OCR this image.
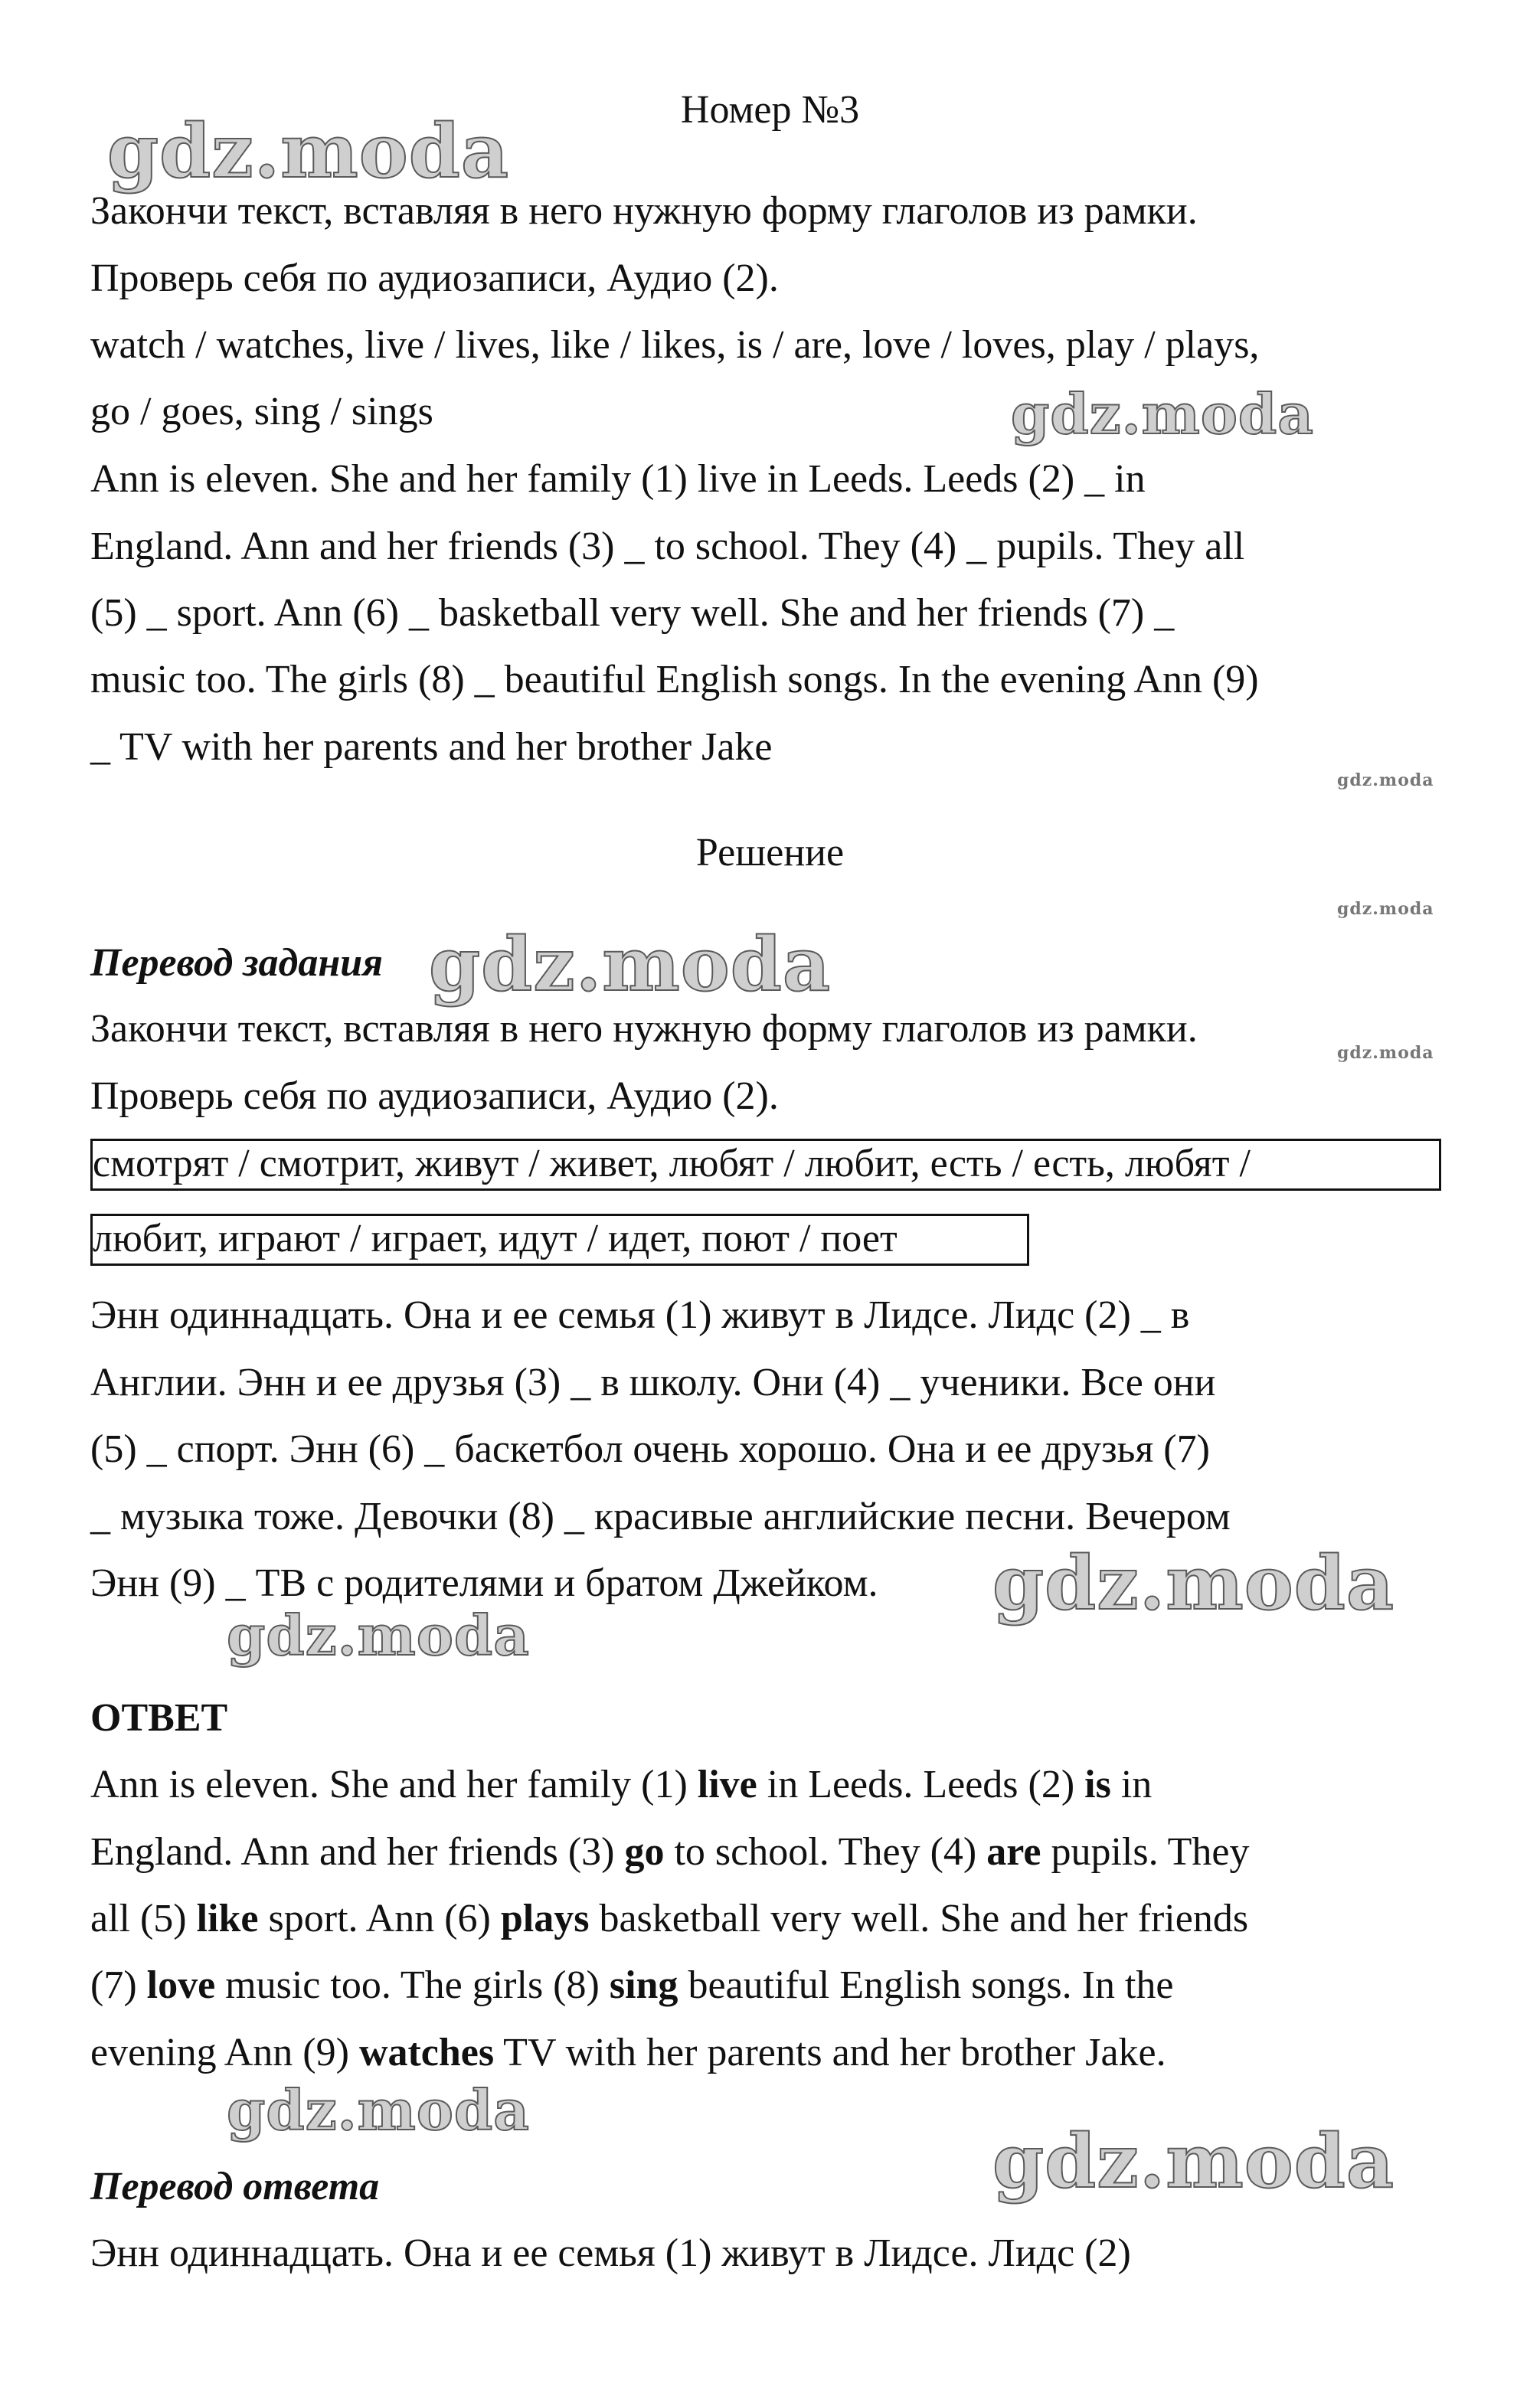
Номер №3
Закончи текст, вставляя в него нужную форму глаголов из рамки.
Проверь себя по аудиозаписи, Аудио (2).
watch / watches, live / lives, like / likes, is / are, love / loves, play / plays,
go / goes, sing / sings
Ann is eleven. She and her family (1) live in Leeds. Leeds (2) _ in
England. Ann and her friends (3) _ to school. They (4) _ pupils. They all
(5) _ sport. Ann (6) _ basketball very well. She and her friends (7) _
music too. The girls (8) _ beautiful English songs. In the evening Ann (9)
_ TV with her parents and her brother Jake
Решение
Перевод задания
Закончи текст, вставляя в него нужную форму глаголов из рамки.
Проверь себя по аудиозаписи, Аудио (2).
смотрят / смотрит, живут / живет, любят / любит, есть / есть, любят /
любит, играют / играет, идут / идет, поют / поет
Энн одиннадцать. Она и ее семья (1) живут в Лидсе. Лидс (2) _ в
Англии. Энн и ее друзья (3) _ в школу. Они (4) _ ученики. Все они
(5) _ спорт. Энн (6) _ баскетбол очень хорошо. Она и ее друзья (7)
_ музыка тоже. Девочки (8) _ красивые английские песни. Вечером
Энн (9) _ ТВ с родителями и братом Джейком.
ОТВЕТ
Ann is eleven. She and her family (1) live in Leeds. Leeds (2) is in
England. Ann and her friends (3) go to school. They (4) are pupils. They
all (5) like sport. Ann (6) plays basketball very well. She and her friends
(7) love music too. The girls (8) sing beautiful English songs. In the
evening Ann (9) watches TV with her parents and her brother Jake.
Перевод ответа
Энн одиннадцать. Она и ее семья (1) живут в Лидсе. Лидс (2)
gdz.moda
gdz.moda
gdz.moda
gdz.moda
gdz.moda
gdz.moda
gdz.moda
gdz.moda
gdz.moda
gdz.moda
